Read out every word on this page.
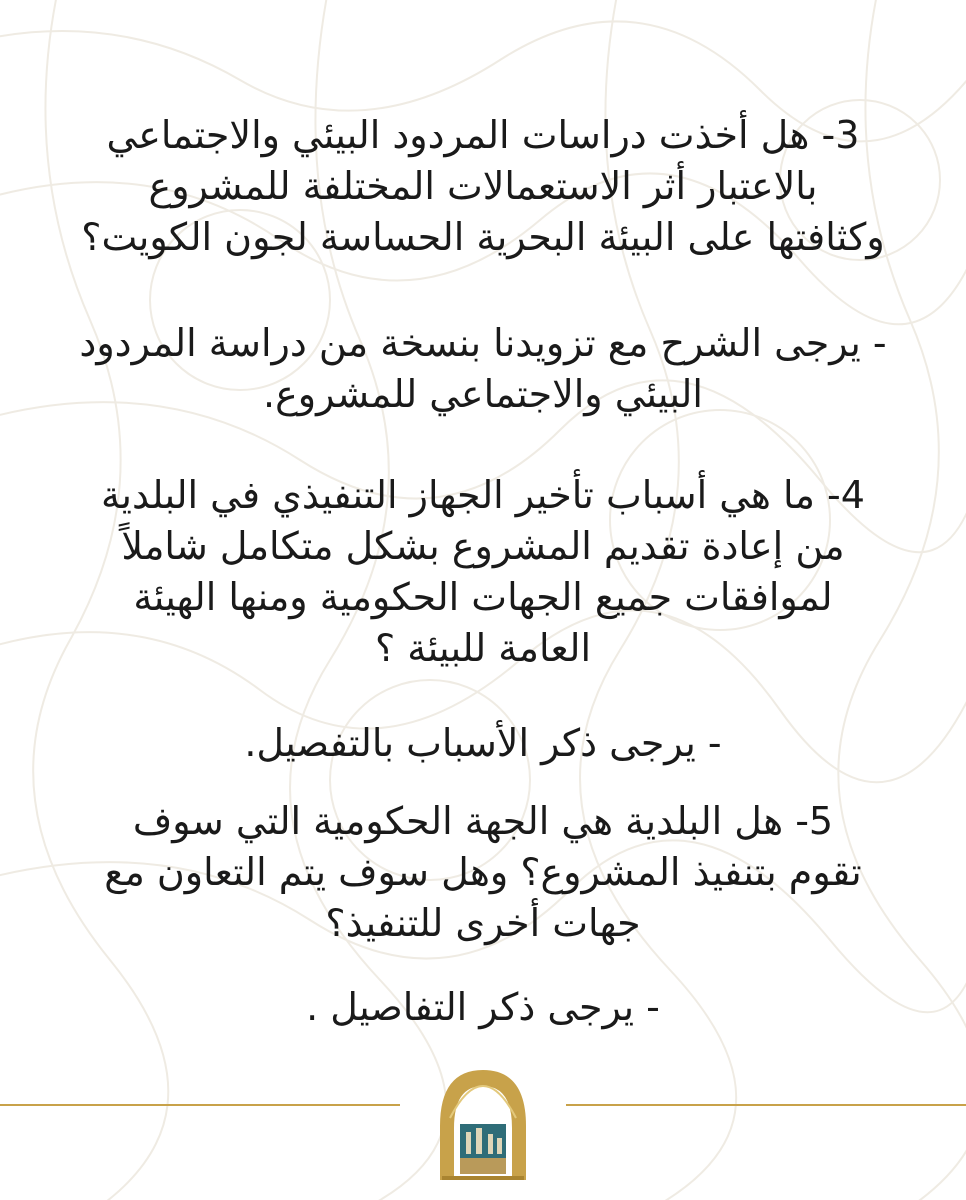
3- هل أخذت دراسات المردود البيئي والاجتماعي
بالاعتبار أثر الاستعمالات المختلفة للمشروع
وكثافتها على البيئة البحرية الحساسة لجون الكويت؟
- يرجى الشرح مع تزويدنا بنسخة من دراسة المردود
البيئي والاجتماعي للمشروع.
4- ما هي أسباب تأخير الجهاز التنفيذي في البلدية
من إعادة تقديم المشروع بشكل متكامل شاملاً
لموافقات جميع الجهات الحكومية ومنها الهيئة
العامة للبيئة ؟
- يرجى ذكر الأسباب بالتفصيل.
5- هل البلدية هي الجهة الحكومية التي سوف
تقوم بتنفيذ المشروع؟ وهل سوف يتم التعاون مع
جهات أخرى للتنفيذ؟
- يرجى ذكر التفاصيل .
